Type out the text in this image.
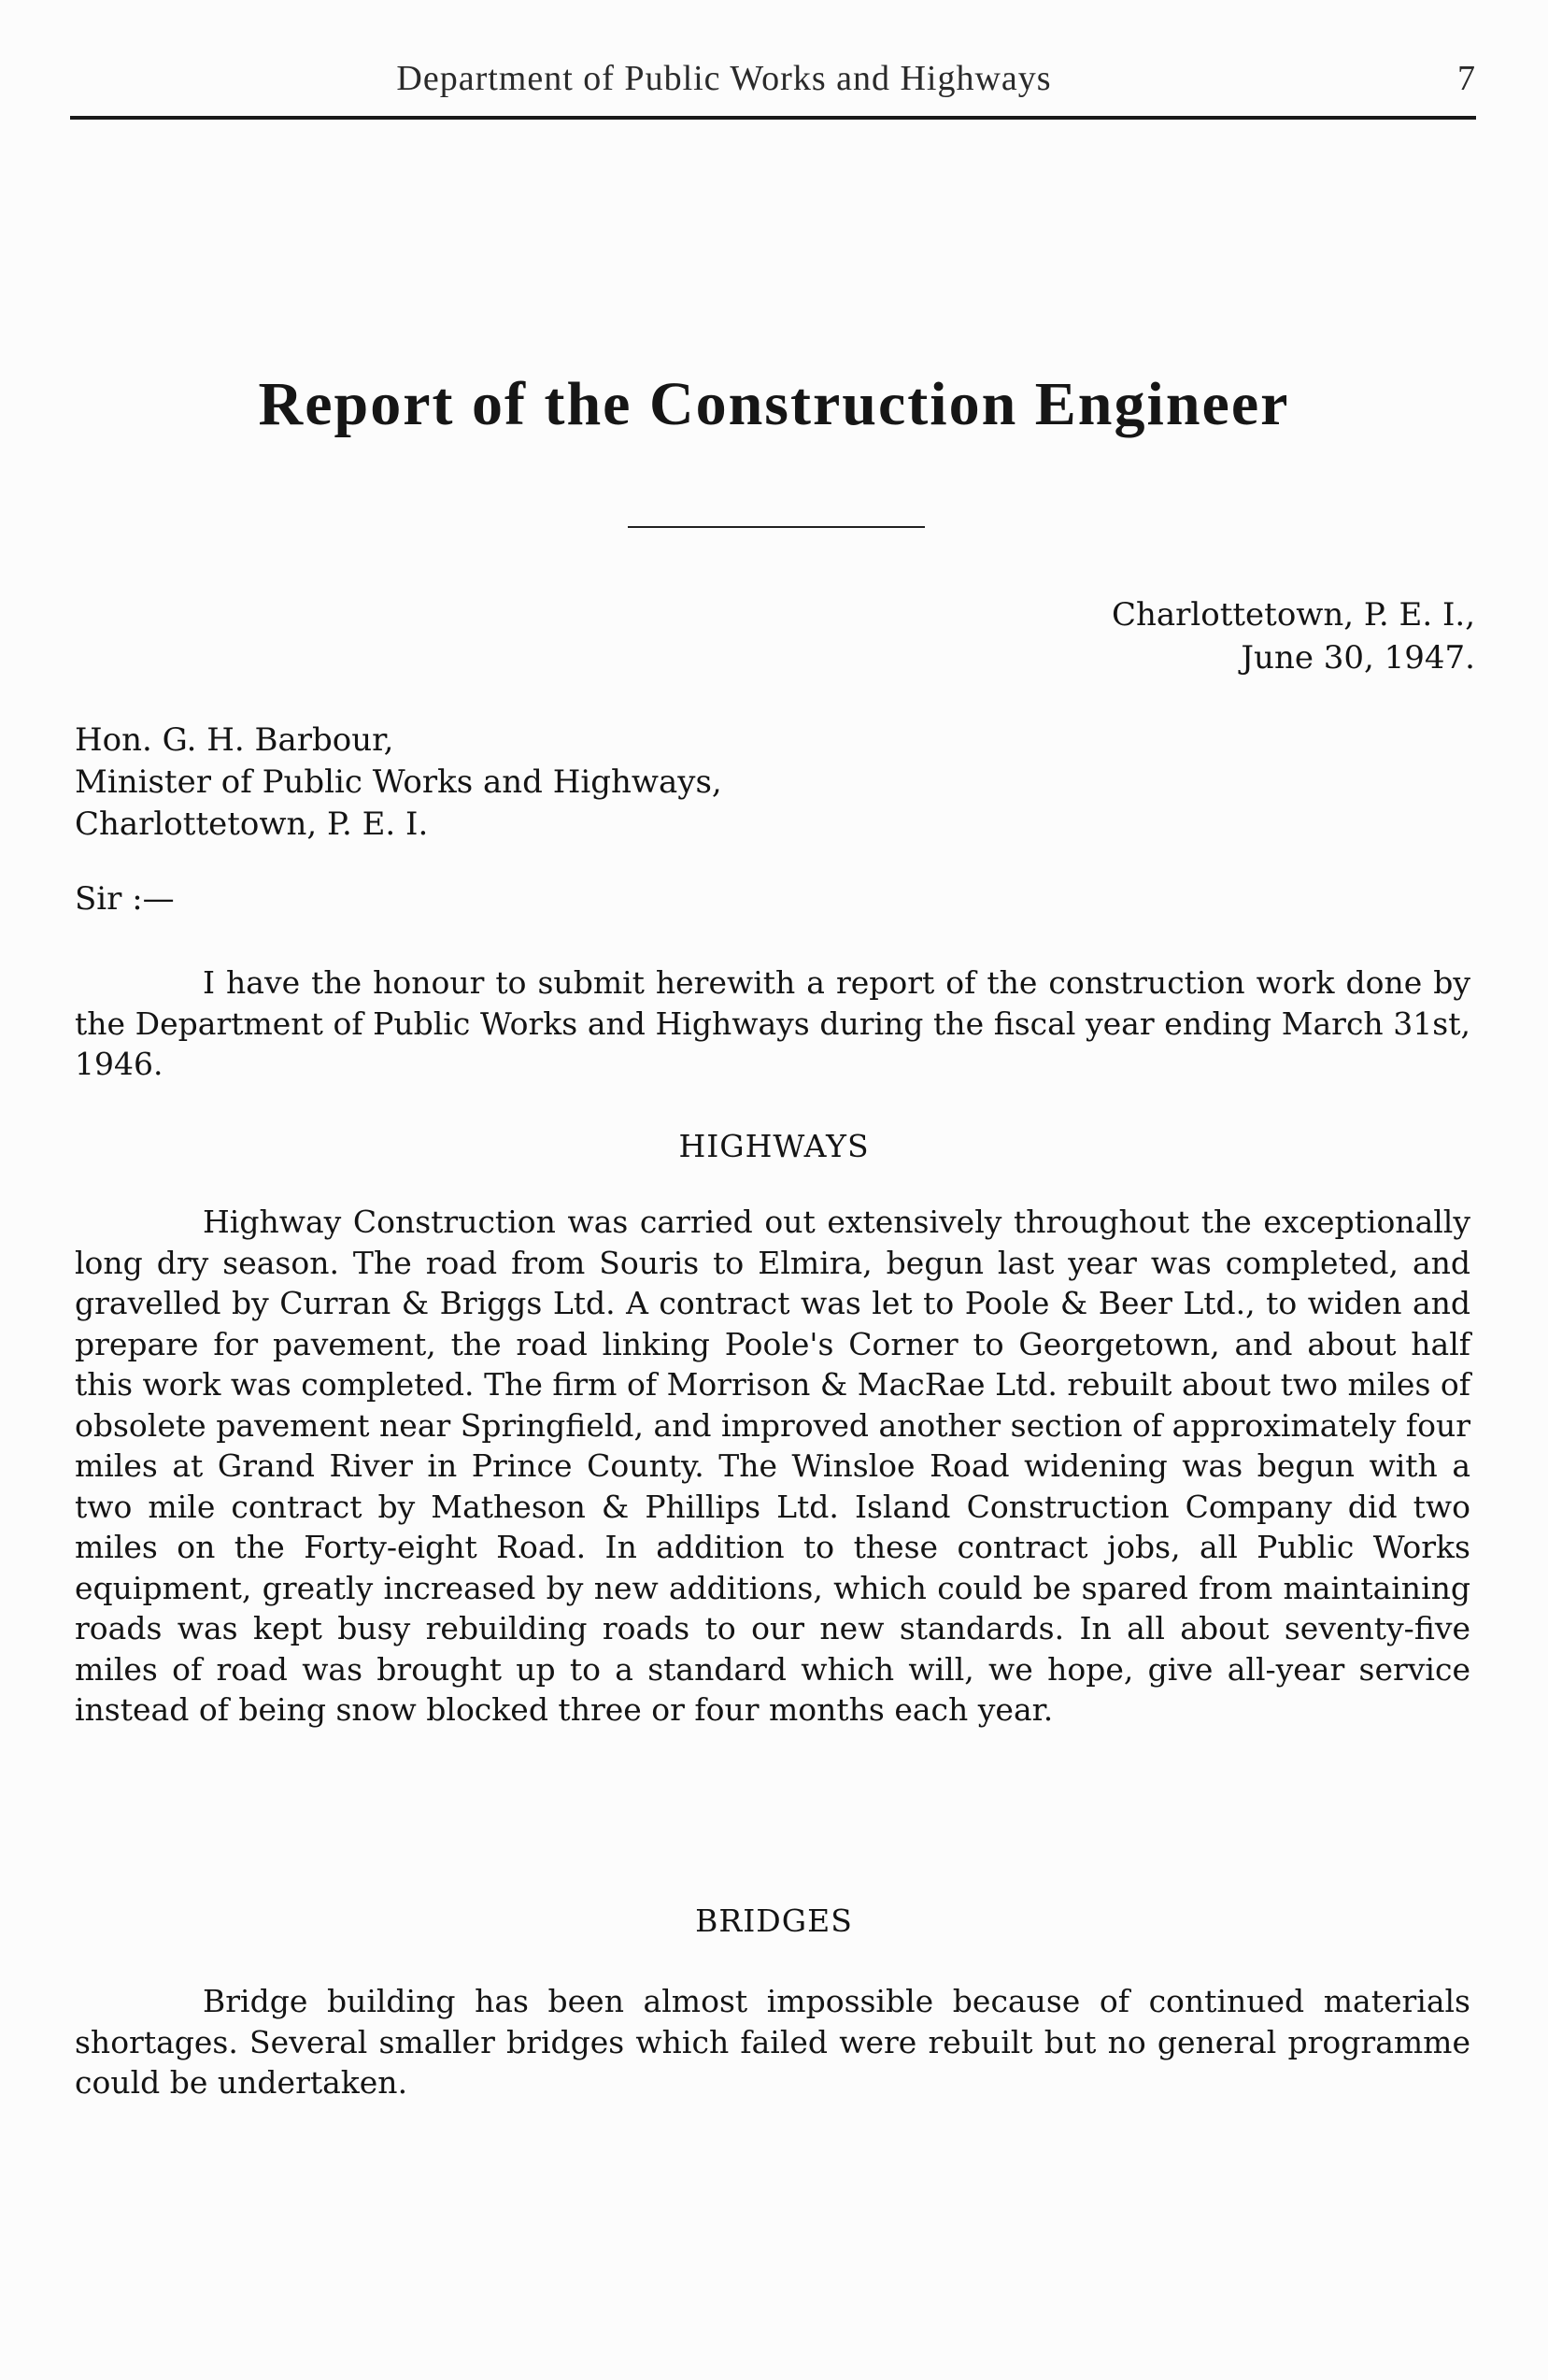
Department of Public Works and Highways	7
Report of the Construction Engineer
Charlottetown, P. E. I.,
June 30, 1947.
Hon. G. H. Barbour,
Minister of Public Works and Highways,
Charlottetown, P. E. I.
Sir :—

I have the honour to submit herewith a report of the construction work done by the Department of Public Works and Highways during the fiscal year ending March 31st, 1946.

HIGHWAYS

Highway Construction was carried out extensively throughout the exceptionally long dry season. The road from Souris to Elmira, begun last year was completed, and gravelled by Curran & Briggs Ltd. A contract was let to Poole & Beer Ltd., to widen and prepare for pavement, the road linking Poole's Corner to Georgetown, and about half this work was completed. The firm of Morrison & MacRae Ltd. rebuilt about two miles of obsolete pavement near Springfield, and improved another section of approximately four miles at Grand River in Prince County. The Winsloe Road widening was begun with a two mile contract by Matheson & Phillips Ltd. Island Construction Company did two miles on the Forty-eight Road. In addition to these contract jobs, all Public Works equipment, greatly increased by new additions, which could be spared from maintaining roads was kept busy rebuilding roads to our new standards. In all about seventy-five miles of road was brought up to a standard which will, we hope, give all-year service instead of being snow blocked three or four months each year.

BRIDGES

Bridge building has been almost impossible because of continued materials shortages. Several smaller bridges which failed were rebuilt but no general programme could be undertaken.
